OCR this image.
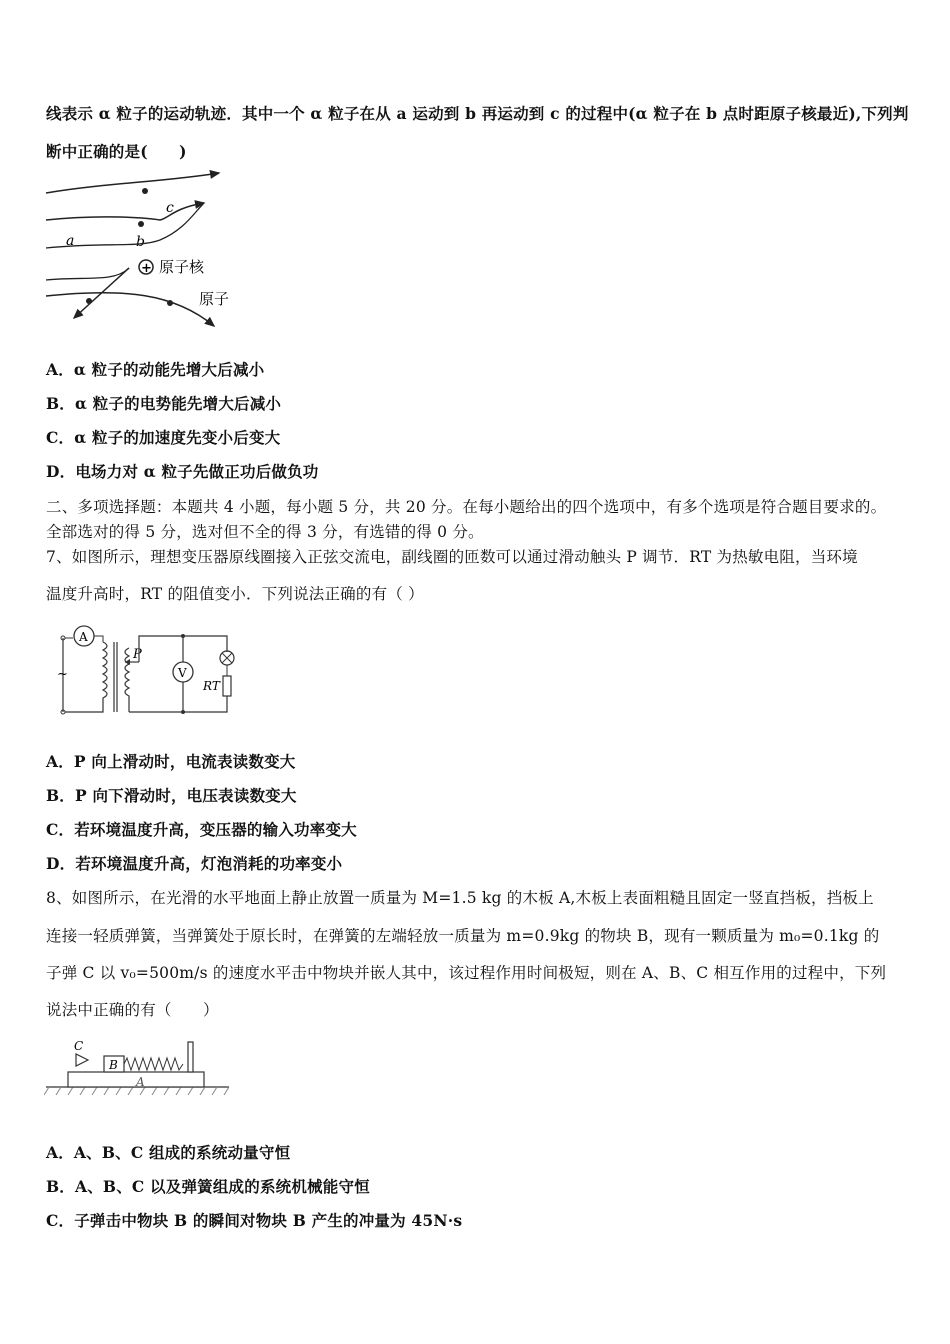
线表示 α 粒子的运动轨迹．其中一个 α 粒子在从 a 运动到 b 再运动到 c 的过程中(α 粒子在 b 点时距原子核最近),下列判
断中正确的是(　　)
a	b
c
+ 原子核
原子
A．α 粒子的动能先增大后减小
B．α 粒子的电势能先增大后减小
C．α 粒子的加速度先变小后变大
D．电场力对 α 粒子先做正功后做负功
二、多项选择题：本题共 4 小题，每小题 5 分，共 20 分。在每小题给出的四个选项中，有多个选项是符合题目要求的。
全部选对的得 5 分，选对但不全的得 3 分，有选错的得 0 分。
7、如图所示，理想变压器原线圈接入正弦交流电，副线圈的匝数可以通过滑动触头 P 调节．RT 为热敏电阻，当环境
温度升高时，RT 的阻值变小．下列说法正确的有（ ）
~
A
P
V
RT
A．P 向上滑动时，电流表读数变大
B．P 向下滑动时，电压表读数变大
C．若环境温度升高，变压器的输入功率变大
D．若环境温度升高，灯泡消耗的功率变小
8、如图所示，在光滑的水平地面上静止放置一质量为 M=1.5 kg 的木板 A,木板上表面粗糙且固定一竖直挡板，挡板上
连接一轻质弹簧，当弹簧处于原长时，在弹簧的左端轻放一质量为 m=0.9kg 的物块 B，现有一颗质量为 m₀=0.1kg 的
子弹 C 以 v₀=500m/s 的速度水平击中物块并嵌人其中，该过程作用时间极短，则在 A、B、C 相互作用的过程中，下列
说法中正确的有（　　）
A
B
C
A．A、B、C 组成的系统动量守恒
B．A、B、C 以及弹簧组成的系统机械能守恒
C．子弹击中物块 B 的瞬间对物块 B 产生的冲量为 45N·s
